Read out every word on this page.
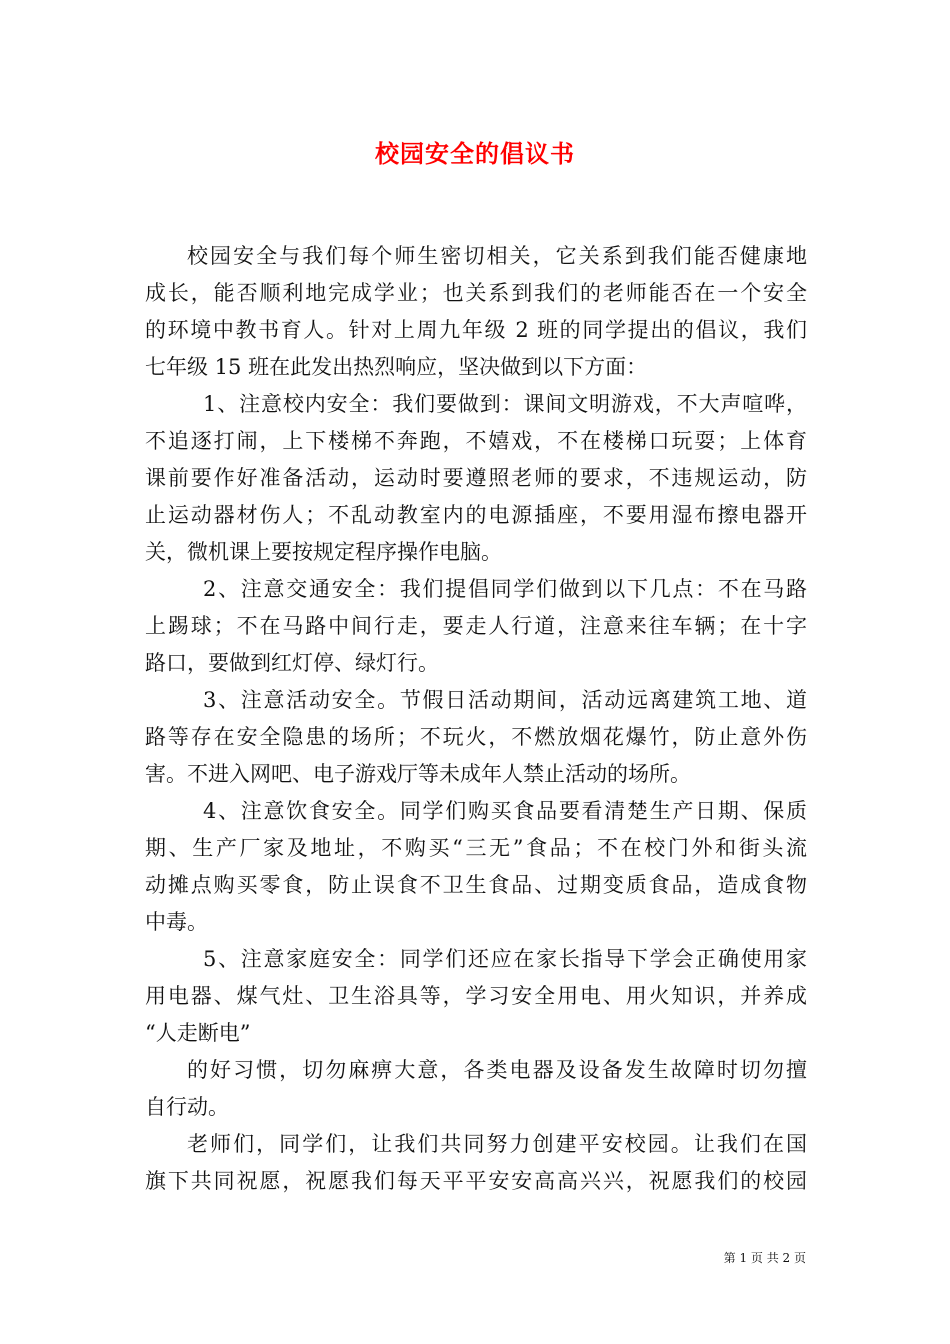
校园安全的倡议书
校园安全与我们每个师生密切相关，它关系到我们能否健康地
成长，能否顺利地完成学业；也关系到我们的老师能否在一个安全
的环境中教书育人。针对上周九年级 2 班的同学提出的倡议，我们
七年级 15 班在此发出热烈响应，坚决做到以下方面：
1、注意校内安全：我们要做到：课间文明游戏，不大声喧哗，
不追逐打闹，上下楼梯不奔跑，不嬉戏，不在楼梯口玩耍；上体育
课前要作好准备活动，运动时要遵照老师的要求，不违规运动，防
止运动器材伤人；不乱动教室内的电源插座，不要用湿布擦电器开
关，微机课上要按规定程序操作电脑。
2、注意交通安全：我们提倡同学们做到以下几点：不在马路
上踢球；不在马路中间行走，要走人行道，注意来往车辆；在十字
路口，要做到红灯停、绿灯行。
3、注意活动安全。节假日活动期间，活动远离建筑工地、道
路等存在安全隐患的场所；不玩火，不燃放烟花爆竹，防止意外伤
害。不进入网吧、电子游戏厅等未成年人禁止活动的场所。
4、注意饮食安全。同学们购买食品要看清楚生产日期、保质
期、生产厂家及地址，不购买“三无”食品；不在校门外和街头流
动摊点购买零食，防止误食不卫生食品、过期变质食品，造成食物
中毒。
5、注意家庭安全：同学们还应在家长指导下学会正确使用家
用电器、煤气灶、卫生浴具等，学习安全用电、用火知识，并养成
“人走断电”
的好习惯，切勿麻痹大意，各类电器及设备发生故障时切勿擅
自行动。
老师们，同学们，让我们共同努力创建平安校园。让我们在国
旗下共同祝愿，祝愿我们每天平平安安高高兴兴，祝愿我们的校园
第 1 页 共 2 页
